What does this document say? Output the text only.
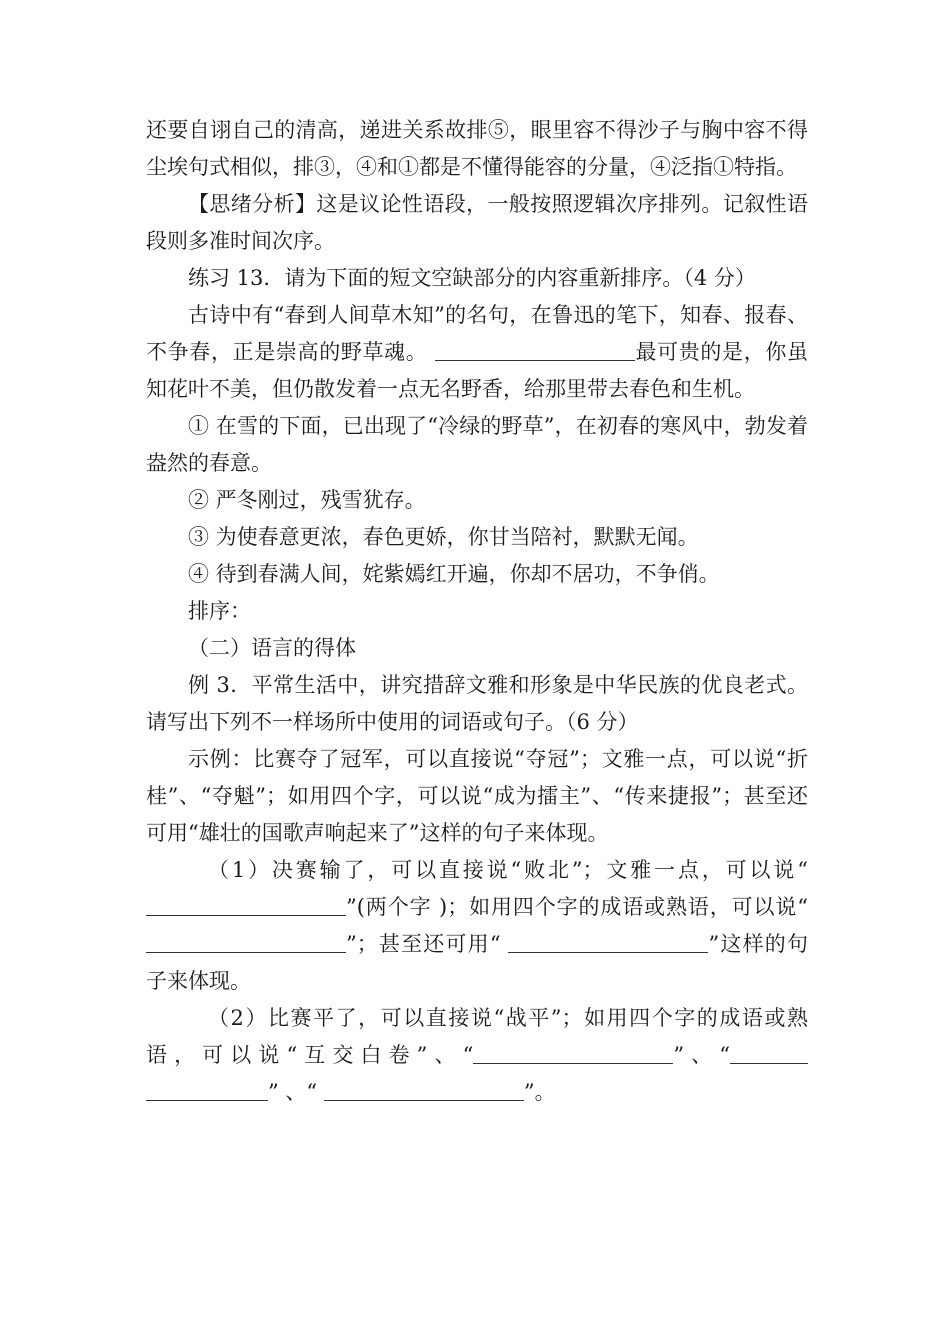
还要自诩自己的清高，递进关系故排⑤，眼里容不得沙子与胸中容不得尘埃句式相似，排③，④和①都是不懂得能容的分量，④泛指①特指。

【思绪分析】这是议论性语段，一般按照逻辑次序排列。记叙性语段则多准时间次序。

练习 13．请为下面的短文空缺部分的内容重新排序。（4 分）

古诗中有“春到人间草木知”的名句，在鲁迅的笔下，知春、报春、不争春，正是崇高的野草魂。	最可贵的是，你虽知花叶不美，但仍散发着一点无名野香，给那里带去春色和生机。

① 在雪的下面，已出现了“冷绿的野草”，在初春的寒风中，勃发着盎然的春意。

② 严冬刚过，残雪犹存。

③ 为使春意更浓，春色更娇，你甘当陪衬，默默无闻。

④ 待到春满人间，姹紫嫣红开遍，你却不居功，不争俏。

排序：

（二）语言的得体

例 3．平常生活中，讲究措辞文雅和形象是中华民族的优良老式。请写出下列不一样场所中使用的词语或句子。（6 分）

示例：比赛夺了冠军，可以直接说“夺冠”；文雅一点，可以说“折桂”、“夺魁”；如用四个字，可以说“成为擂主”、“传来捷报”；甚至还可用“雄壮的国歌声响起来了”这样的句子来体现。

（1）决赛输了，可以直接说“败北”；文雅一点，可以说“”(两个字 )；如用四个字的成语或熟语，可以说“”；甚至还可用“	”这样的句子来体现。

（2）比赛平了，可以直接说“战平”；如用四个字的成语或熟语，可以说“互交白卷”、“	”、“” 、“	”。
